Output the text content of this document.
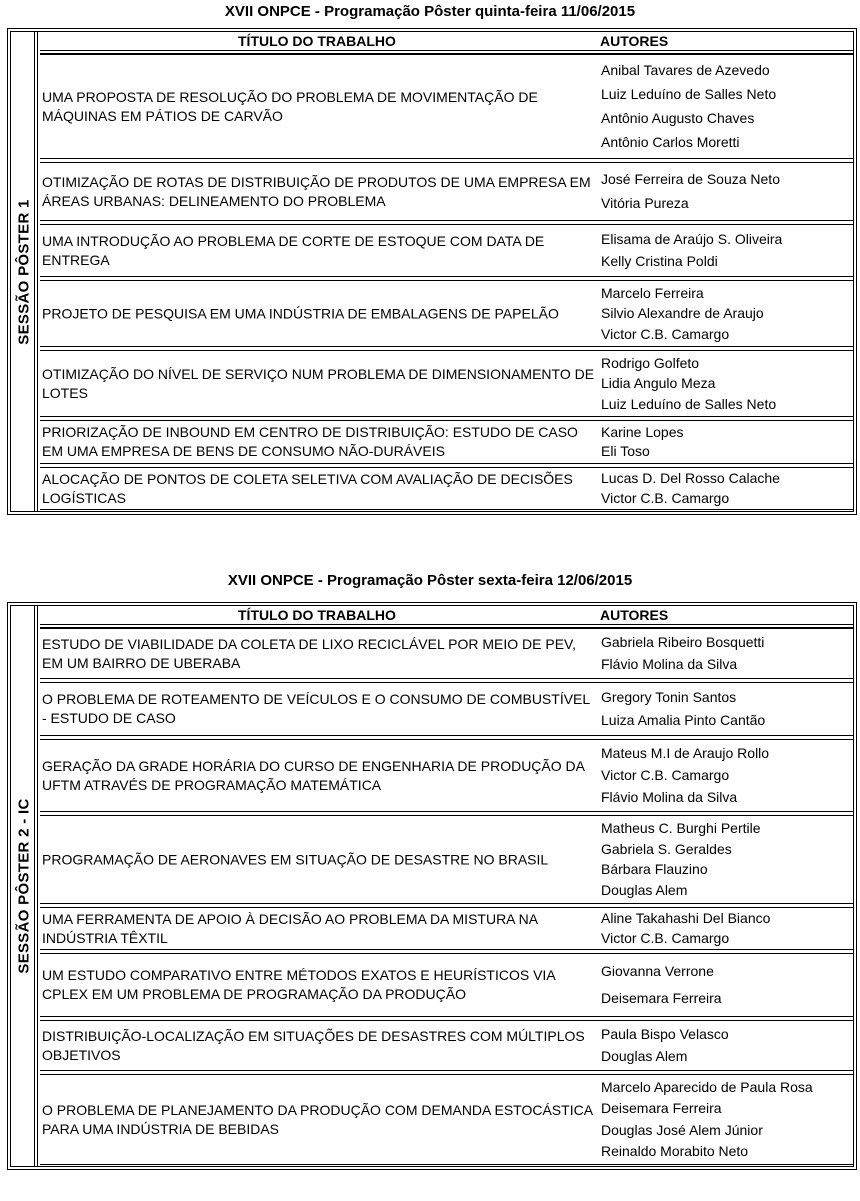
XVII ONPCE - Programação Pôster quinta-feira 11/06/2015
SESSÃO PÔSTER 1
TÍTULO DO TRABALHO	AUTORES
UMA PROPOSTA DE RESOLUÇÃO DO PROBLEMA DE MOVIMENTAÇÃO DE MÁQUINAS EM PÁTIOS DE CARVÃO
Anibal Tavares de Azevedo
Luiz Leduíno de Salles Neto
Antônio Augusto Chaves
Antônio Carlos Moretti
OTIMIZAÇÃO DE ROTAS DE DISTRIBUIÇÃO DE PRODUTOS DE UMA EMPRESA EM ÁREAS URBANAS: DELINEAMENTO DO PROBLEMA
José Ferreira de Souza Neto
Vitória Pureza
UMA INTRODUÇÃO AO PROBLEMA DE CORTE DE ESTOQUE COM DATA DE ENTREGA
Elisama de Araújo S. Oliveira
Kelly Cristina Poldi
PROJETO DE PESQUISA EM UMA INDÚSTRIA DE EMBALAGENS DE PAPELÃO
Marcelo Ferreira
Silvio Alexandre de Araujo
Victor C.B. Camargo
OTIMIZAÇÃO DO NÍVEL DE SERVIÇO NUM PROBLEMA DE DIMENSIONAMENTO DE LOTES
Rodrigo Golfeto
Lidia Angulo Meza
Luiz Leduíno de Salles Neto
PRIORIZAÇÃO DE INBOUND EM CENTRO DE DISTRIBUIÇÃO: ESTUDO DE CASO EM UMA EMPRESA DE BENS DE CONSUMO NÃO-DURÁVEIS
Karine Lopes
Eli Toso
ALOCAÇÃO DE PONTOS DE COLETA SELETIVA COM AVALIAÇÃO DE DECISÕES LOGÍSTICAS
Lucas D. Del Rosso Calache
Victor C.B. Camargo
XVII ONPCE - Programação Pôster sexta-feira 12/06/2015
SESSÃO PÔSTER 2 - IC
TÍTULO DO TRABALHO	AUTORES
ESTUDO DE VIABILIDADE DA COLETA DE LIXO RECICLÁVEL POR MEIO DE PEV, EM UM BAIRRO DE UBERABA
Gabriela Ribeiro Bosquetti
Flávio Molina da Silva
O PROBLEMA DE ROTEAMENTO DE VEÍCULOS E O CONSUMO DE COMBUSTÍVEL - ESTUDO DE CASO
Gregory Tonin Santos
Luiza Amalia Pinto Cantão
GERAÇÃO DA GRADE HORÁRIA DO CURSO DE ENGENHARIA DE PRODUÇÃO DA UFTM ATRAVÉS DE PROGRAMAÇÃO MATEMÁTICA
Mateus M.I de Araujo Rollo
Victor C.B. Camargo
Flávio Molina da Silva
PROGRAMAÇÃO DE AERONAVES EM SITUAÇÃO DE DESASTRE NO BRASIL
Matheus C. Burghi Pertile
Gabriela S. Geraldes
Bárbara Flauzino
Douglas Alem
UMA FERRAMENTA DE APOIO À DECISÃO AO PROBLEMA DA MISTURA NA INDÚSTRIA TÊXTIL
Aline Takahashi Del Bianco
Victor C.B. Camargo
UM ESTUDO COMPARATIVO ENTRE MÉTODOS EXATOS E HEURÍSTICOS VIA CPLEX EM UM PROBLEMA DE PROGRAMAÇÃO DA PRODUÇÃO
Giovanna Verrone
Deisemara Ferreira
DISTRIBUIÇÃO-LOCALIZAÇÃO EM SITUAÇÕES DE DESASTRES COM MÚLTIPLOS OBJETIVOS
Paula Bispo Velasco
Douglas Alem
O PROBLEMA DE PLANEJAMENTO DA PRODUÇÃO COM DEMANDA ESTOCÁSTICA PARA UMA INDÚSTRIA DE BEBIDAS
Marcelo Aparecido de Paula Rosa
Deisemara Ferreira
Douglas José Alem Júnior
Reinaldo Morabito Neto
